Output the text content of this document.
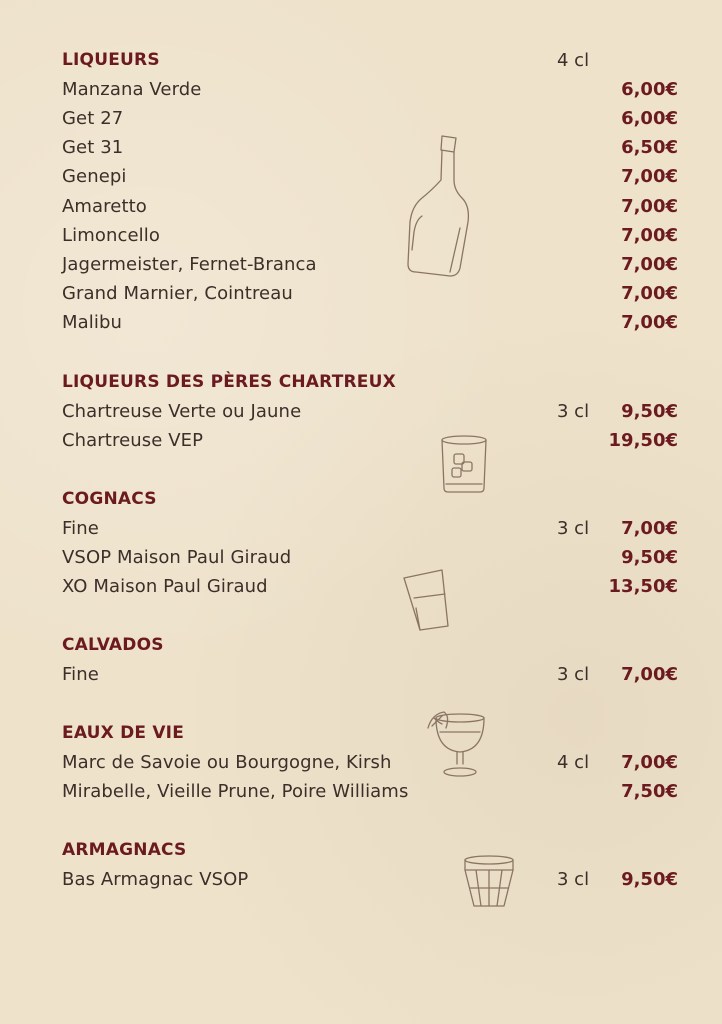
LIQUEURS	4 cl
Manzana Verde	6,00€
Get 27	6,00€
Get 31	6,50€
Genepi	7,00€
Amaretto	7,00€
Limoncello	7,00€
Jagermeister, Fernet-Branca	7,00€
Grand Marnier, Cointreau	7,00€
Malibu	7,00€
LIQUEURS DES PÈRES CHARTREUX
Chartreuse Verte ou Jaune	3 cl 9,50€
Chartreuse VEP	19,50€
COGNACS
Fine	3 cl 7,00€
VSOP Maison Paul Giraud	9,50€
XO Maison Paul Giraud	13,50€
CALVADOS
Fine	3 cl 7,00€
EAUX DE VIE
Marc de Savoie ou Bourgogne, Kirsh	4 cl 7,00€
Mirabelle, Vieille Prune, Poire Williams	7,50€
ARMAGNACS
Bas Armagnac VSOP	3 cl 9,50€
